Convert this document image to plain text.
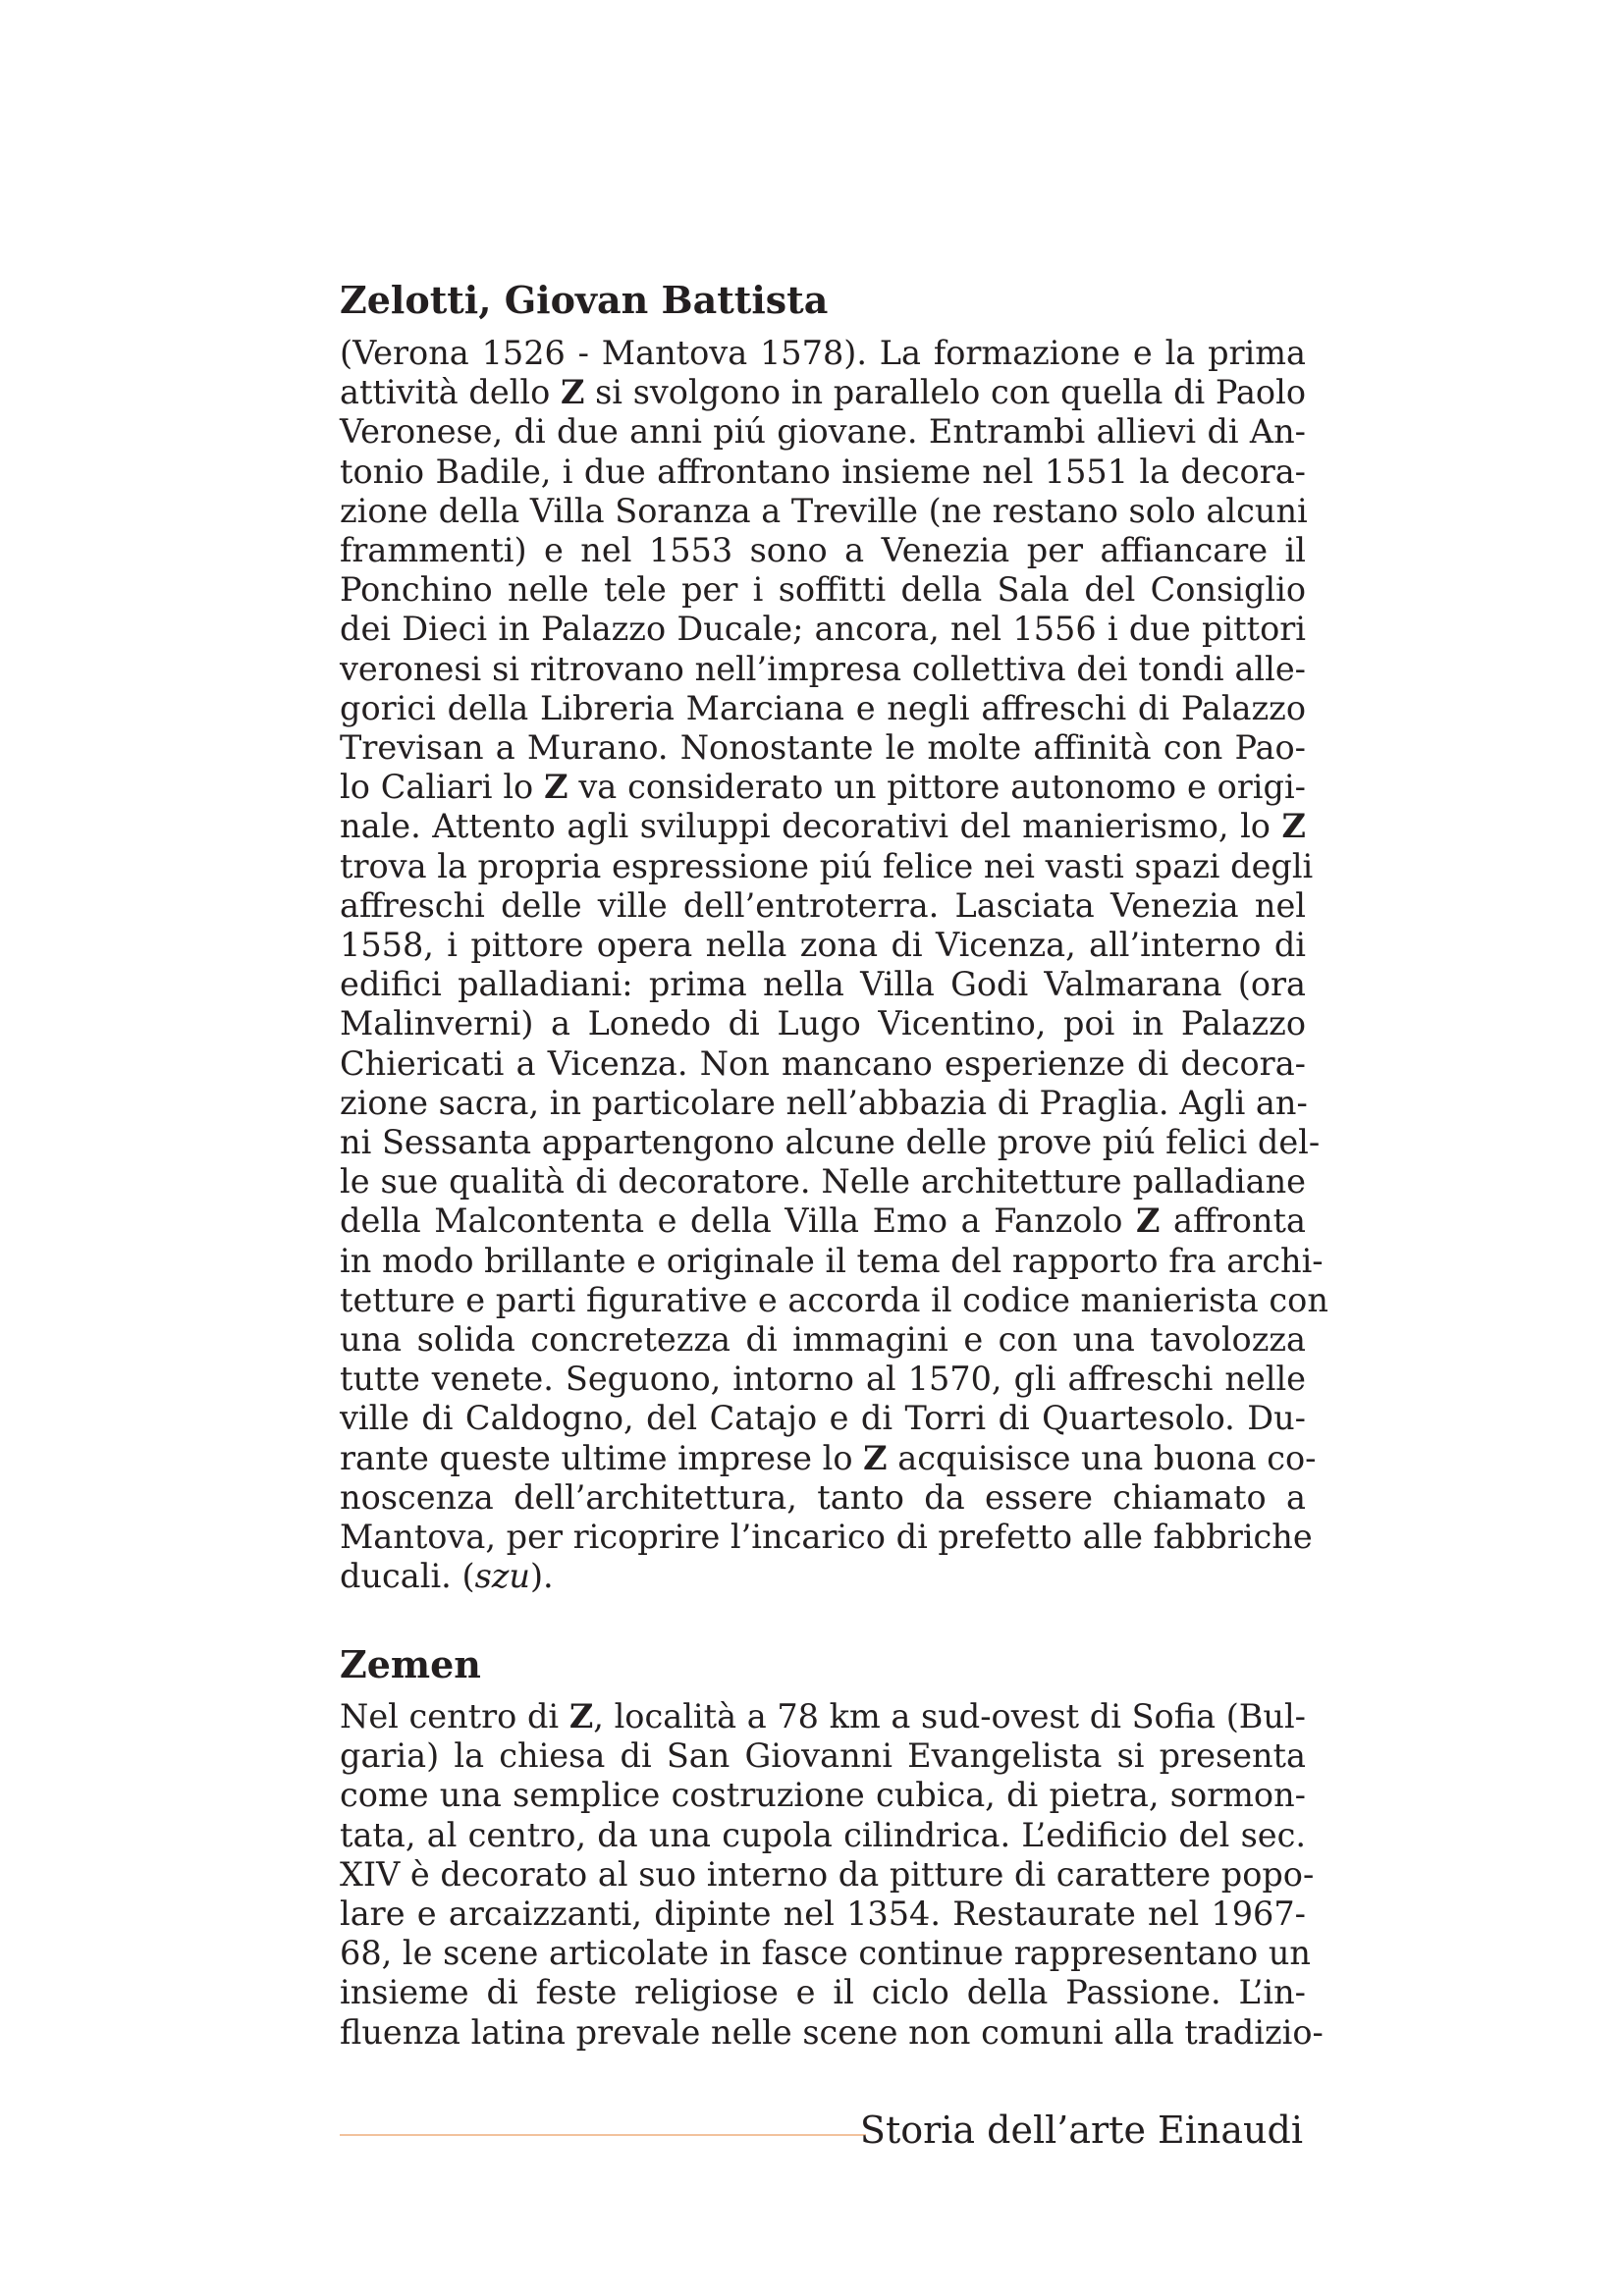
Zelotti, Giovan Battista
(Verona 1526 - Mantova 1578). La formazione e la prima
attività dello Z si svolgono in parallelo con quella di Paolo
Veronese, di due anni piú giovane. Entrambi allievi di An-
tonio Badile, i due affrontano insieme nel 1551 la decora-
zione della Villa Soranza a Treville (ne restano solo alcuni
frammenti) e nel 1553 sono a Venezia per affiancare il
Ponchino nelle tele per i soffitti della Sala del Consiglio
dei Dieci in Palazzo Ducale; ancora, nel 1556 i due pittori
veronesi si ritrovano nell’impresa collettiva dei tondi alle-
gorici della Libreria Marciana e negli affreschi di Palazzo
Trevisan a Murano. Nonostante le molte affinità con Pao-
lo Caliari lo Z va considerato un pittore autonomo e origi-
nale. Attento agli sviluppi decorativi del manierismo, lo Z
trova la propria espressione piú felice nei vasti spazi degli
affreschi delle ville dell’entroterra. Lasciata Venezia nel
1558, i pittore opera nella zona di Vicenza, all’interno di
edifici palladiani: prima nella Villa Godi Valmarana (ora
Malinverni) a Lonedo di Lugo Vicentino, poi in Palazzo
Chiericati a Vicenza. Non mancano esperienze di decora-
zione sacra, in particolare nell’abbazia di Praglia. Agli an-
ni Sessanta appartengono alcune delle prove piú felici del-
le sue qualità di decoratore. Nelle architetture palladiane
della Malcontenta e della Villa Emo a Fanzolo Z affronta
in modo brillante e originale il tema del rapporto fra archi-
tetture e parti figurative e accorda il codice manierista con
una solida concretezza di immagini e con una tavolozza
tutte venete. Seguono, intorno al 1570, gli affreschi nelle
ville di Caldogno, del Catajo e di Torri di Quartesolo. Du-
rante queste ultime imprese lo Z acquisisce una buona co-
noscenza dell’architettura, tanto da essere chiamato a
Mantova, per ricoprire l’incarico di prefetto alle fabbriche
ducali. (szu).
Zemen
Nel centro di Z, località a 78 km a sud-ovest di Sofia (Bul-
garia) la chiesa di San Giovanni Evangelista si presenta
come una semplice costruzione cubica, di pietra, sormon-
tata, al centro, da una cupola cilindrica. L’edificio del sec.
XIV è decorato al suo interno da pitture di carattere popo-
lare e arcaizzanti, dipinte nel 1354. Restaurate nel 1967-
68, le scene articolate in fasce continue rappresentano un
insieme di feste religiose e il ciclo della Passione. L’in-
fluenza latina prevale nelle scene non comuni alla tradizio-
Storia dell’arte Einaudi
